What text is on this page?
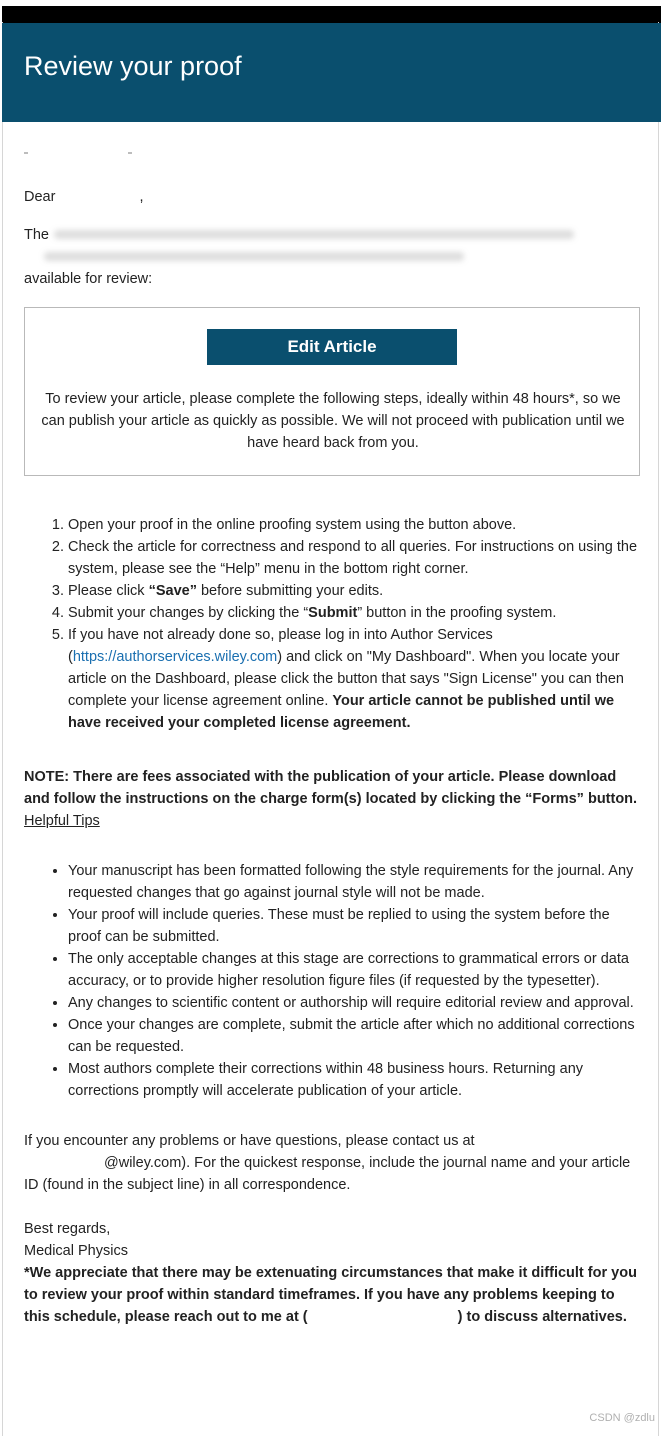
Review your proof

Dear	,

The

available for review:

Edit Article
To review your article, please complete the following steps, ideally within 48 hours*, so we can publish your article as quickly as possible. We will not proceed with publication until we have heard back from you.
1. Open your proof in the online proofing system using the button above.
2. Check the article for correctness and respond to all queries. For instructions on using the system, please see the “Help” menu in the bottom right corner.
3. Please click “Save” before submitting your edits.
4. Submit your changes by clicking the “Submit” button in the proofing system.
5. If you have not already done so, please log in into Author Services (https://authorservices.wiley.com) and click on "My Dashboard". When you locate your article on the Dashboard, please click the button that says "Sign License" you can then complete your license agreement online. Your article cannot be published until we have received your completed license agreement.

NOTE: There are fees associated with the publication of your article. Please download and follow the instructions on the charge form(s) located by clicking the “Forms” button.

Helpful Tips

• Your manuscript has been formatted following the style requirements for the journal. Any requested changes that go against journal style will not be made.
• Your proof will include queries. These must be replied to using the system before the proof can be submitted.
• The only acceptable changes at this stage are corrections to grammatical errors or data accuracy, or to provide higher resolution figure files (if requested by the typesetter).
• Any changes to scientific content or authorship will require editorial review and approval.
• Once your changes are complete, submit the article after which no additional corrections can be requested.
• Most authors complete their corrections within 48 business hours. Returning any corrections promptly will accelerate publication of your article.

If you encounter any problems or have questions, please contact us at

@wiley.com). For the quickest response, include the journal name and your article ID (found in the subject line) in all correspondence.

Best regards,

Medical Physics

*We appreciate that there may be extenuating circumstances that make it difficult for you to review your proof within standard timeframes. If you have any problems keeping to this schedule, please reach out to me at (	) to discuss alternatives.

CSDN @zdlu
